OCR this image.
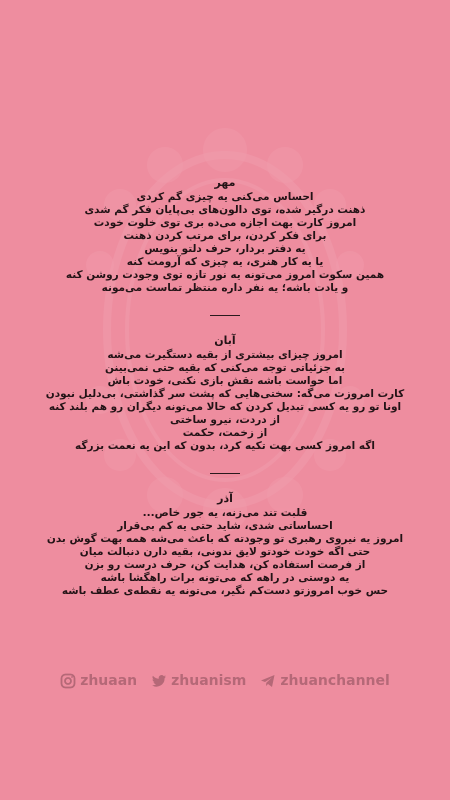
مهر

احساس می‌کنی یه چیزی گم کردی

ذهنت درگیر شده، توی دالون‌های بی‌پایان فکر گم شدی

امروز کارت بهت اجازه می‌ده بری توی خلوت خودت

برای فکر کردن، برای مرتب کردن ذهنت

یه دفتر بردار، حرف دلتو بنویس

یا یه کار هنری، یه چیزی که آرومت کنه

همین سکوت امروز می‌تونه یه نور تازه توی وجودت روشن کنه

و یادت باشه؛ یه نفر داره منتظر تماست می‌مونه

آبان

امروز چیزای بیشتری از بقیه دستگیرت می‌شه

به جزئیاتی توجه می‌کنی که بقیه حتی نمی‌بینن

اما حواست باشه نقش بازی نکنی، خودت باش

کارت امروزت می‌گه: سختی‌هایی که پشت سر گذاشتی، بی‌دلیل نبودن

اونا تو رو یه کسی تبدیل کردن که حالا می‌تونه دیگران رو هم بلند کنه

از دردت، نیرو ساختی

از زخمت، حکمت

اگه امروز کسی بهت تکیه کرد، بدون که این یه نعمت بزرگه

آذر

قلبت تند می‌زنه، یه جور خاص...

احساساتی شدی، شاید حتی یه کم بی‌قرار

امروز یه نیروی رهبری تو وجودته که باعث می‌شه همه بهت گوش بدن

حتی اگه خودت خودتو لایق ندونی، بقیه دارن دنبالت میان

از فرصت استفاده کن، هدایت کن، حرف درست رو بزن

یه دوستی در راهه که می‌تونه برات راهگشا باشه

حس خوب امروزتو دست‌کم نگیر، می‌تونه یه نقطه‌ی عطف باشه

zhuaan zhuanism zhuanchannel
